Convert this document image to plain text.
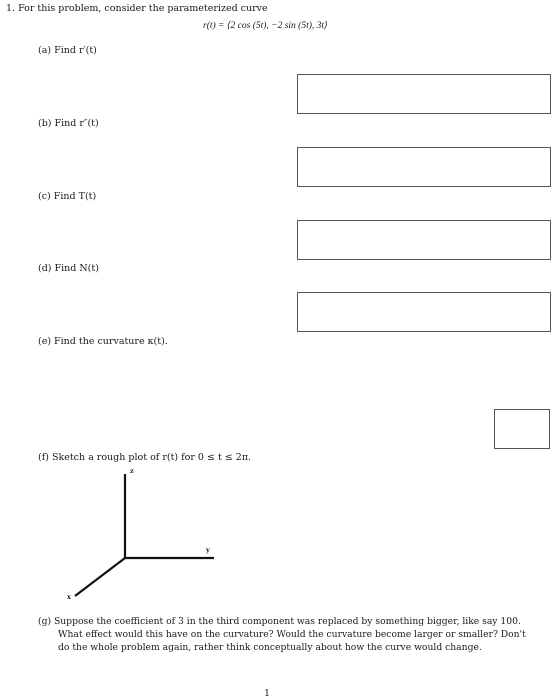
1. For this problem, consider the parameterized curve
r(t) = ⟨2 cos (5t), −2 sin (5t), 3t⟩
(a) Find r′(t)
(b) Find r″(t)
(c) Find T(t)
(d) Find N(t)
(e) Find the curvature κ(t).
(f) Sketch a rough plot of r(t) for 0 ≤ t ≤ 2π.
z
y
x
(g) Suppose the coefficient of 3 in the third component was replaced by something bigger, like say 100. What effect would this have on the curvature? Would the curvature become larger or smaller? Don't do the whole problem again, rather think conceptually about how the curve would change.
1
